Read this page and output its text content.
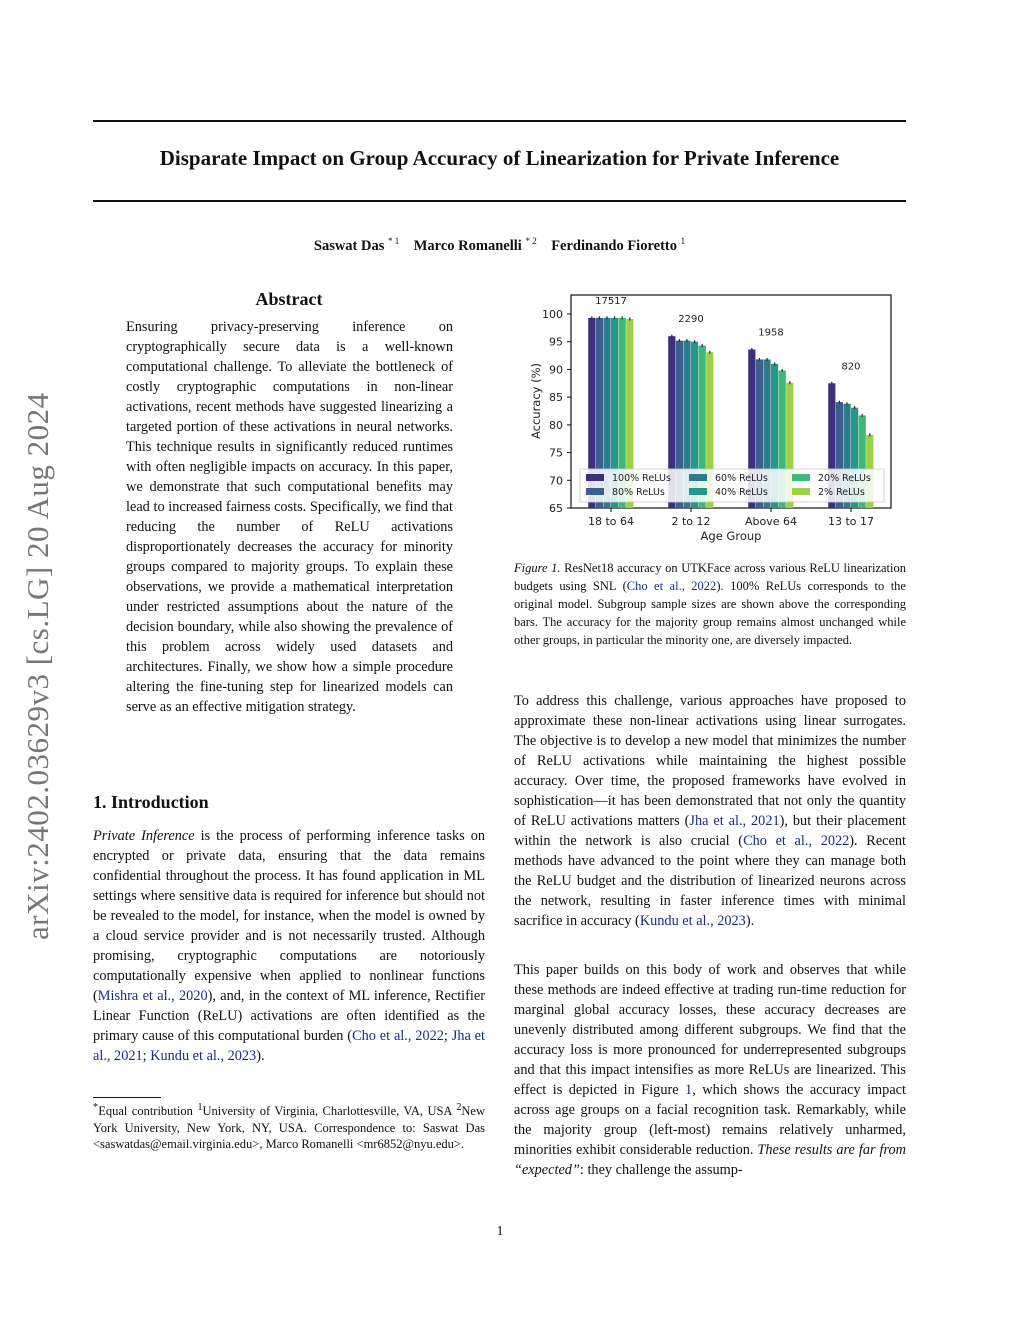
Disparate Impact on Group Accuracy of Linearization for Private Inference
Saswat Das $^{* 1}$ Marco Romanelli $^{* 2}$ Ferdinando Fioretto $^1$
arXiv:2402.03629v3 [cs.LG] 20 Aug 2024
Abstract
Ensuring privacy-preserving inference on cryptographically secure data is a well-known computational challenge. To alleviate the bottleneck of costly cryptographic computations in non-linear activations, recent methods have suggested linearizing a targeted portion of these activations in neural networks. This technique results in significantly reduced runtimes with often negligible impacts on accuracy. In this paper, we demonstrate that such computational benefits may lead to increased fairness costs. Specifically, we find that reducing the number of ReLU activations disproportionately decreases the accuracy for minority groups compared to majority groups. To explain these observations, we provide a mathematical interpretation under restricted assumptions about the nature of the decision boundary, while also showing the prevalence of this problem across widely used datasets and architectures. Finally, we show how a simple procedure altering the fine-tuning step for linearized models can serve as an effective mitigation strategy.
1. Introduction
Private Inference is the process of performing inference tasks on encrypted or private data, ensuring that the data remains confidential throughout the process. It has found application in ML settings where sensitive data is required for inference but should not be revealed to the model, for instance, when the model is owned by a cloud service provider and is not necessarily trusted. Although promising, cryptographic computations are notoriously computationally expensive when applied to nonlinear functions (Mishra et al., 2020), and, in the context of ML inference, Rectifier Linear Function (ReLU) activations are often identified as the primary cause of this computational burden (Cho et al., 2022; Jha et al., 2021; Kundu et al., 2023).
*Equal contribution $^1$University of Virginia, Charlottesville, VA, USA $^2$New York University, New York, NY, USA. Correspondence to: Saswat Das <saswatdas@email.virginia.edu>, Marco Romanelli <mr6852@nyu.edu>.
65
70
75
80
85
90
95
100
17517
2290
1958
820
18 to 64	2 to 12	Above 64	13 to 17
Accuracy (%)
Age Group
100% ReLUs
80% ReLUs
60% ReLUs
40% ReLUs
20% ReLUs
2% ReLUs
Figure 1. ResNet18 accuracy on UTKFace across various ReLU linearization budgets using SNL (Cho et al., 2022). 100% ReLUs corresponds to the original model. Subgroup sample sizes are shown above the corresponding bars. The accuracy for the majority group remains almost unchanged while other groups, in particular the minority one, are diversely impacted.
To address this challenge, various approaches have proposed to approximate these non-linear activations using linear surrogates. The objective is to develop a new model that minimizes the number of ReLU activations while maintaining the highest possible accuracy. Over time, the proposed frameworks have evolved in sophistication—it has been demonstrated that not only the quantity of ReLU activations matters (Jha et al., 2021), but their placement within the network is also crucial (Cho et al., 2022). Recent methods have advanced to the point where they can manage both the ReLU budget and the distribution of linearized neurons across the network, resulting in faster inference times with minimal sacrifice in accuracy (Kundu et al., 2023).
This paper builds on this body of work and observes that while these methods are indeed effective at trading run-time reduction for marginal global accuracy losses, these accuracy decreases are unevenly distributed among different subgroups. We find that the accuracy loss is more pronounced for underrepresented subgroups and that this impact intensifies as more ReLUs are linearized. This effect is depicted in Figure 1, which shows the accuracy impact across age groups on a facial recognition task. Remarkably, while the majority group (left-most) remains relatively unharmed, minorities exhibit considerable reduction. These results are far from “expected”: they challenge the assump-
1
